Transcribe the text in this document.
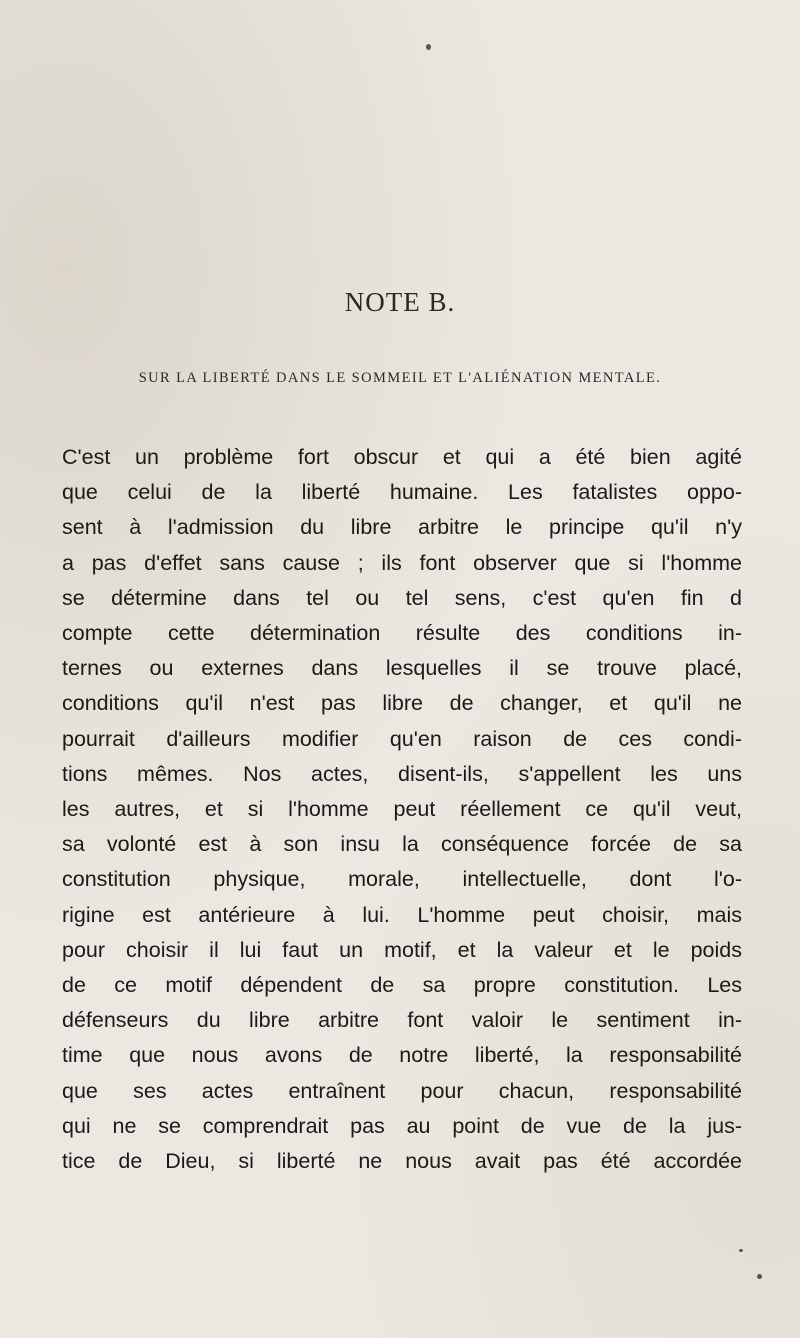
NOTE B.
SUR LA LIBERTÉ DANS LE SOMMEIL ET L'ALIÉNATION MENTALE.
C'est un problème fort obscur et qui a été bien agité
que celui de la liberté humaine. Les fatalistes oppo-
sent à l'admission du libre arbitre le principe qu'il n'y
a pas d'effet sans cause ; ils font observer que si l'homme
se détermine dans tel ou tel sens, c'est qu'en fin d
compte cette détermination résulte des conditions in-
ternes ou externes dans lesquelles il se trouve placé,
conditions qu'il n'est pas libre de changer, et qu'il ne
pourrait d'ailleurs modifier qu'en raison de ces condi-
tions mêmes. Nos actes, disent-ils, s'appellent les uns
les autres, et si l'homme peut réellement ce qu'il veut,
sa volonté est à son insu la conséquence forcée de sa
constitution physique, morale, intellectuelle, dont l'o-
rigine est antérieure à lui. L'homme peut choisir, mais
pour choisir il lui faut un motif, et la valeur et le poids
de ce motif dépendent de sa propre constitution. Les
défenseurs du libre arbitre font valoir le sentiment in-
time que nous avons de notre liberté, la responsabilité
que ses actes entraînent pour chacun, responsabilité
qui ne se comprendrait pas au point de vue de la jus-
tice de Dieu, si liberté ne nous avait pas été accordée
